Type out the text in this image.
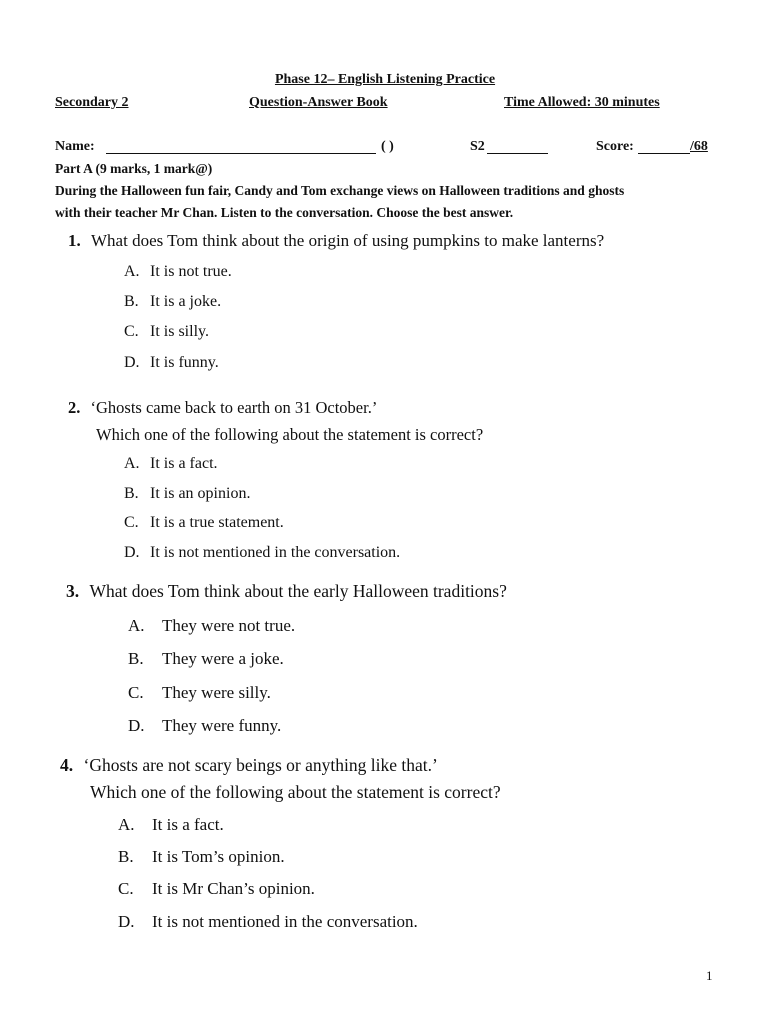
Phase 12– English Listening Practice
Secondary 2	Question-Answer Book	Time Allowed: 30 minutes
Name:	( )	S2	Score:	/68
Part A (9 marks, 1 mark@)
During the Halloween fun fair, Candy and Tom exchange views on Halloween traditions and ghosts
with their teacher Mr Chan. Listen to the conversation. Choose the best answer.
1. What does Tom think about the origin of using pumpkins to make lanterns?
A. It is not true.
B. It is a joke.
C. It is silly.
D. It is funny.
2. ‘Ghosts came back to earth on 31 October.’
Which one of the following about the statement is correct?
A. It is a fact.
B. It is an opinion.
C. It is a true statement.
D. It is not mentioned in the conversation.
3. What does Tom think about the early Halloween traditions?
A. They were not true.
B. They were a joke.
C. They were silly.
D. They were funny.
4. ‘Ghosts are not scary beings or anything like that.’
Which one of the following about the statement is correct?
A. It is a fact.
B. It is Tom’s opinion.
C. It is Mr Chan’s opinion.
D. It is not mentioned in the conversation.
1
